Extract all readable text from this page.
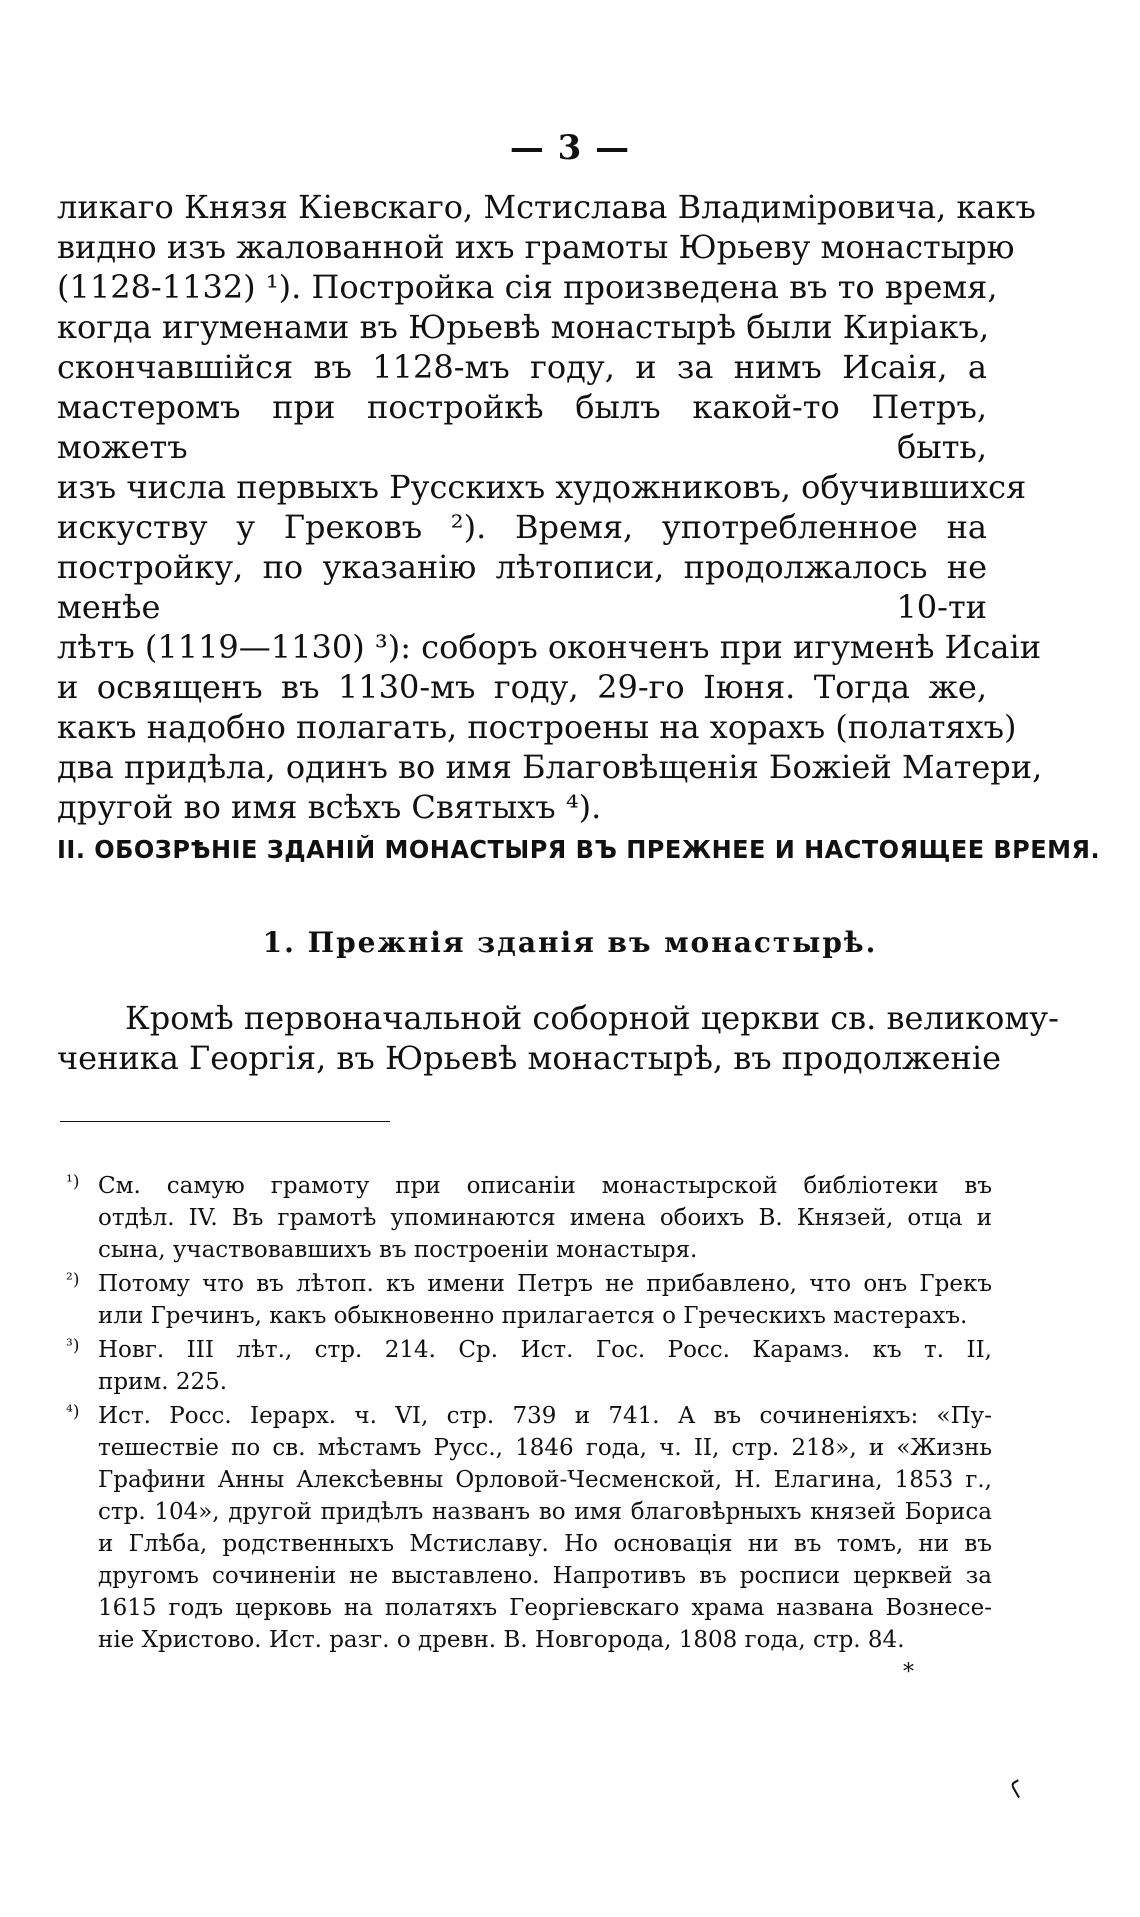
— 3 —
ликаго Князя Кіевскаго, Мстислава Владиміровича, какъ
видно изъ жалованной ихъ грамоты Юрьеву монастырю
(1128-1132) ¹). Постройка сія произведена въ то время,
когда игуменами въ Юрьевѣ монастырѣ были Киріакъ,
скончавшійся въ 1128-мъ году, и за нимъ Исаія, а мастеромъ при постройкѣ былъ какой-то Петръ, можетъ быть,
изъ числа первыхъ Русскихъ художниковъ, обучившихся
искуству у Грековъ ²). Время, употребленное на постройку, по указанію лѣтописи, продолжалось не менѣе 10-ти
лѣтъ (1119—1130) ³): соборъ оконченъ при игуменѣ Исаіи
и освященъ въ 1130-мъ году, 29-го Іюня. Тогда же,
какъ надобно полагать, построены на хорахъ (полатяхъ)
два придѣла, одинъ во имя Благовѣщенія Божіей Матери,
другой во имя всѣхъ Святыхъ ⁴).
II. ОБОЗРѢНІЕ ЗДАНІЙ МОНАСТЫРЯ ВЪ ПРЕЖНЕЕ И НАСТОЯЩЕЕ ВРЕМЯ.
1. Прежнія зданія въ монастырѣ.
Кромѣ первоначальной соборной церкви св. великому-
ченика Георгія, въ Юрьевѣ монастырѣ, въ продолженіе
¹) См. самую грамоту при описаніи монастырской библіотеки въ
отдѣл. IV. Въ грамотѣ упоминаются имена обоихъ В. Князей, отца и
сына, участвовавшихъ въ построеніи монастыря.
²) Потому что въ лѣтоп. къ имени Петръ не прибавлено, что онъ Грекъ
или Гречинъ, какъ обыкновенно прилагается о Греческихъ мастерахъ.
³) Новг. III лѣт., стр. 214. Ср. Ист. Гос. Росс. Карамз. къ т. II,
прим. 225.
⁴) Ист. Росс. Іерарх. ч. VI, стр. 739 и 741. А въ сочиненіяхъ: «Пу-
тешествіе по св. мѣстамъ Русс., 1846 года, ч. II, стр. 218», и «Жизнь
Графини Анны Алексѣевны Орловой-Чесменской, Н. Елагина, 1853 г.,
стр. 104», другой придѣлъ названъ во имя благовѣрныхъ князей Бориса
и Глѣба, родственныхъ Мстиславу. Но основація ни въ томъ, ни въ
другомъ сочиненіи не выставлено. Напротивъ въ росписи церквей за
1615 годъ церковь на полатяхъ Георгіевскаго храма названа Вознесе-
ніе Христово. Ист. разг. о древн. В. Новгорода, 1808 года, стр. 84.
*
╭
